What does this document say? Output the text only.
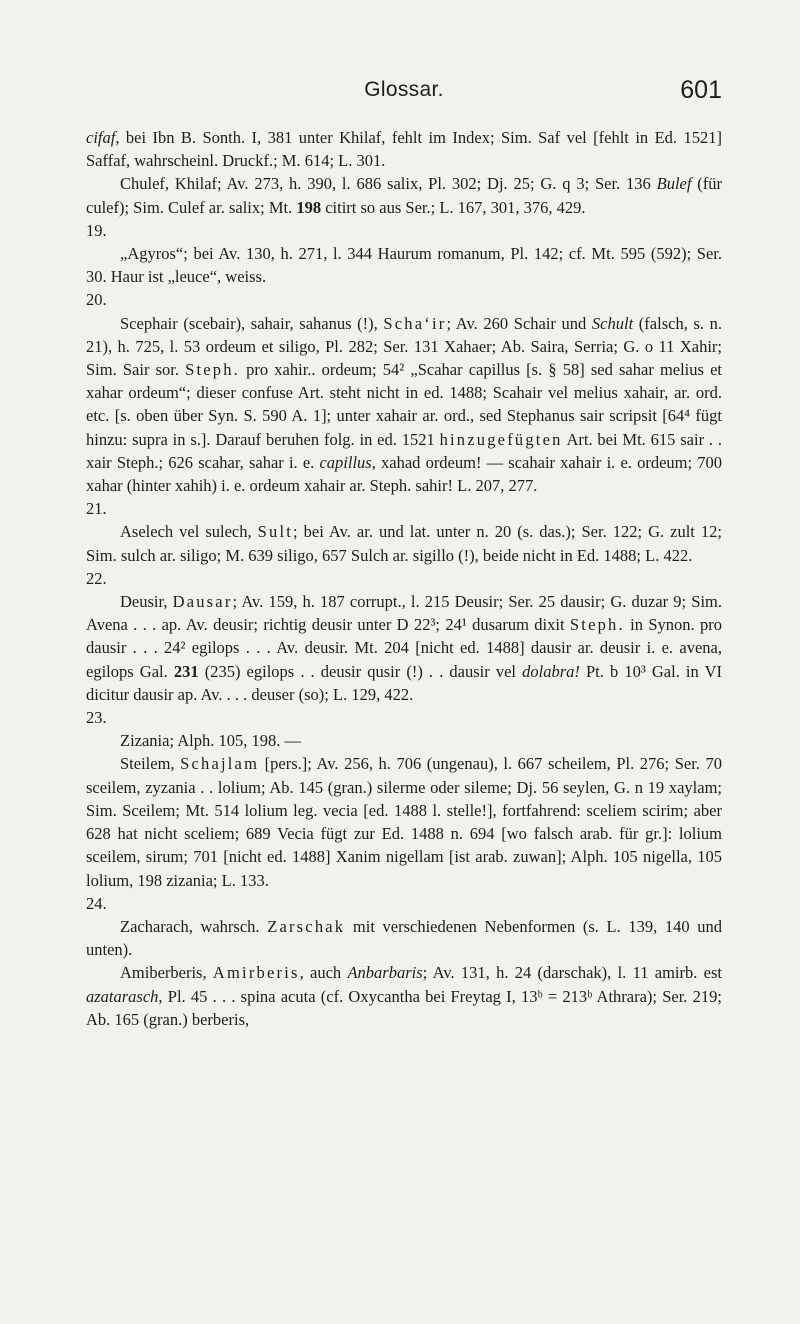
Glossar.	601

cifaf, bei Ibn B. Sonth. I, 381 unter Khilaf, fehlt im Index; Sim. Saf vel [fehlt in Ed. 1521] Saffaf, wahrscheinl. Druckf.; M. 614; L. 301.

Chulef, Khilaf; Av. 273, h. 390, l. 686 salix, Pl. 302; Dj. 25; G. q 3; Ser. 136 Bulef (für culef); Sim. Culef ar. salix; Mt. 198 citirt so aus Ser.; L. 167, 301, 376, 429.

19.

„Agyros“; bei Av. 130, h. 271, l. 344 Haurum romanum, Pl. 142; cf. Mt. 595 (592); Ser. 30. Haur ist „leuce“, weiss.

20.

Scephair (scebair), sahair, sahanus (!), Scha‘ir; Av. 260 Schair und Schult (falsch, s. n. 21), h. 725, l. 53 ordeum et siligo, Pl. 282; Ser. 131 Xahaer; Ab. Saira, Serria; G. o 11 Xahir; Sim. Sair sor. Steph. pro xahir.. ordeum; 54² „Scahar capillus [s. § 58] sed sahar melius et xahar ordeum“; dieser confuse Art. steht nicht in ed. 1488; Scahair vel melius xahair, ar. ord. etc. [s. oben über Syn. S. 590 A. 1]; unter xahair ar. ord., sed Stephanus sair scripsit [64⁴ fügt hinzu: supra in s.]. Darauf beruhen folg. in ed. 1521 hinzugefügten Art. bei Mt. 615 sair . . xair Steph.; 626 scahar, sahar i. e. capillus, xahad ordeum! — scahair xahair i. e. ordeum; 700 xahar (hinter xahih) i. e. ordeum xahair ar. Steph. sahir! L. 207, 277.

21.

Aselech vel sulech, Sult; bei Av. ar. und lat. unter n. 20 (s. das.); Ser. 122; G. zult 12; Sim. sulch ar. siligo; M. 639 siligo, 657 Sulch ar. sigillo (!), beide nicht in Ed. 1488; L. 422.

22.

Deusir, Dausar; Av. 159, h. 187 corrupt., l. 215 Deusir; Ser. 25 dausir; G. duzar 9; Sim. Avena . . . ap. Av. deusir; richtig deusir unter D 22³; 24¹ dusarum dixit Steph. in Synon. pro dausir . . . 24² egilops . . . Av. deusir. Mt. 204 [nicht ed. 1488] dausir ar. deusir i. e. avena, egilops Gal. 231 (235) egilops . . deusir qusir (!) . . dausir vel dolabra! Pt. b 10³ Gal. in VI dicitur dausir ap. Av. . . . deuser (so); L. 129, 422.

23.

Zizania; Alph. 105, 198. —

Steilem, Schajlam [pers.]; Av. 256, h. 706 (ungenau), l. 667 scheilem, Pl. 276; Ser. 70 sceilem, zyzania . . lolium; Ab. 145 (gran.) silerme oder sileme; Dj. 56 seylen, G. n 19 xaylam; Sim. Sceilem; Mt. 514 lolium leg. vecia [ed. 1488 l. stelle!], fortfahrend: sceliem scirim; aber 628 hat nicht sceliem; 689 Vecia fügt zur Ed. 1488 n. 694 [wo falsch arab. für gr.]: lolium sceilem, sirum; 701 [nicht ed. 1488] Xanim nigellam [ist arab. zuwan]; Alph. 105 nigella, 105 lolium, 198 zizania; L. 133.

24.

Zacharach, wahrsch. Zarschak mit verschiedenen Nebenformen (s. L. 139, 140 und unten).

Amiberberis, Amirberis, auch Anbarbaris; Av. 131, h. 24 (darschak), l. 11 amirb. est azatarasch, Pl. 45 . . . spina acuta (cf. Oxycantha bei Freytag I, 13ᵇ = 213ᵇ Athrara); Ser. 219; Ab. 165 (gran.) berberis,
